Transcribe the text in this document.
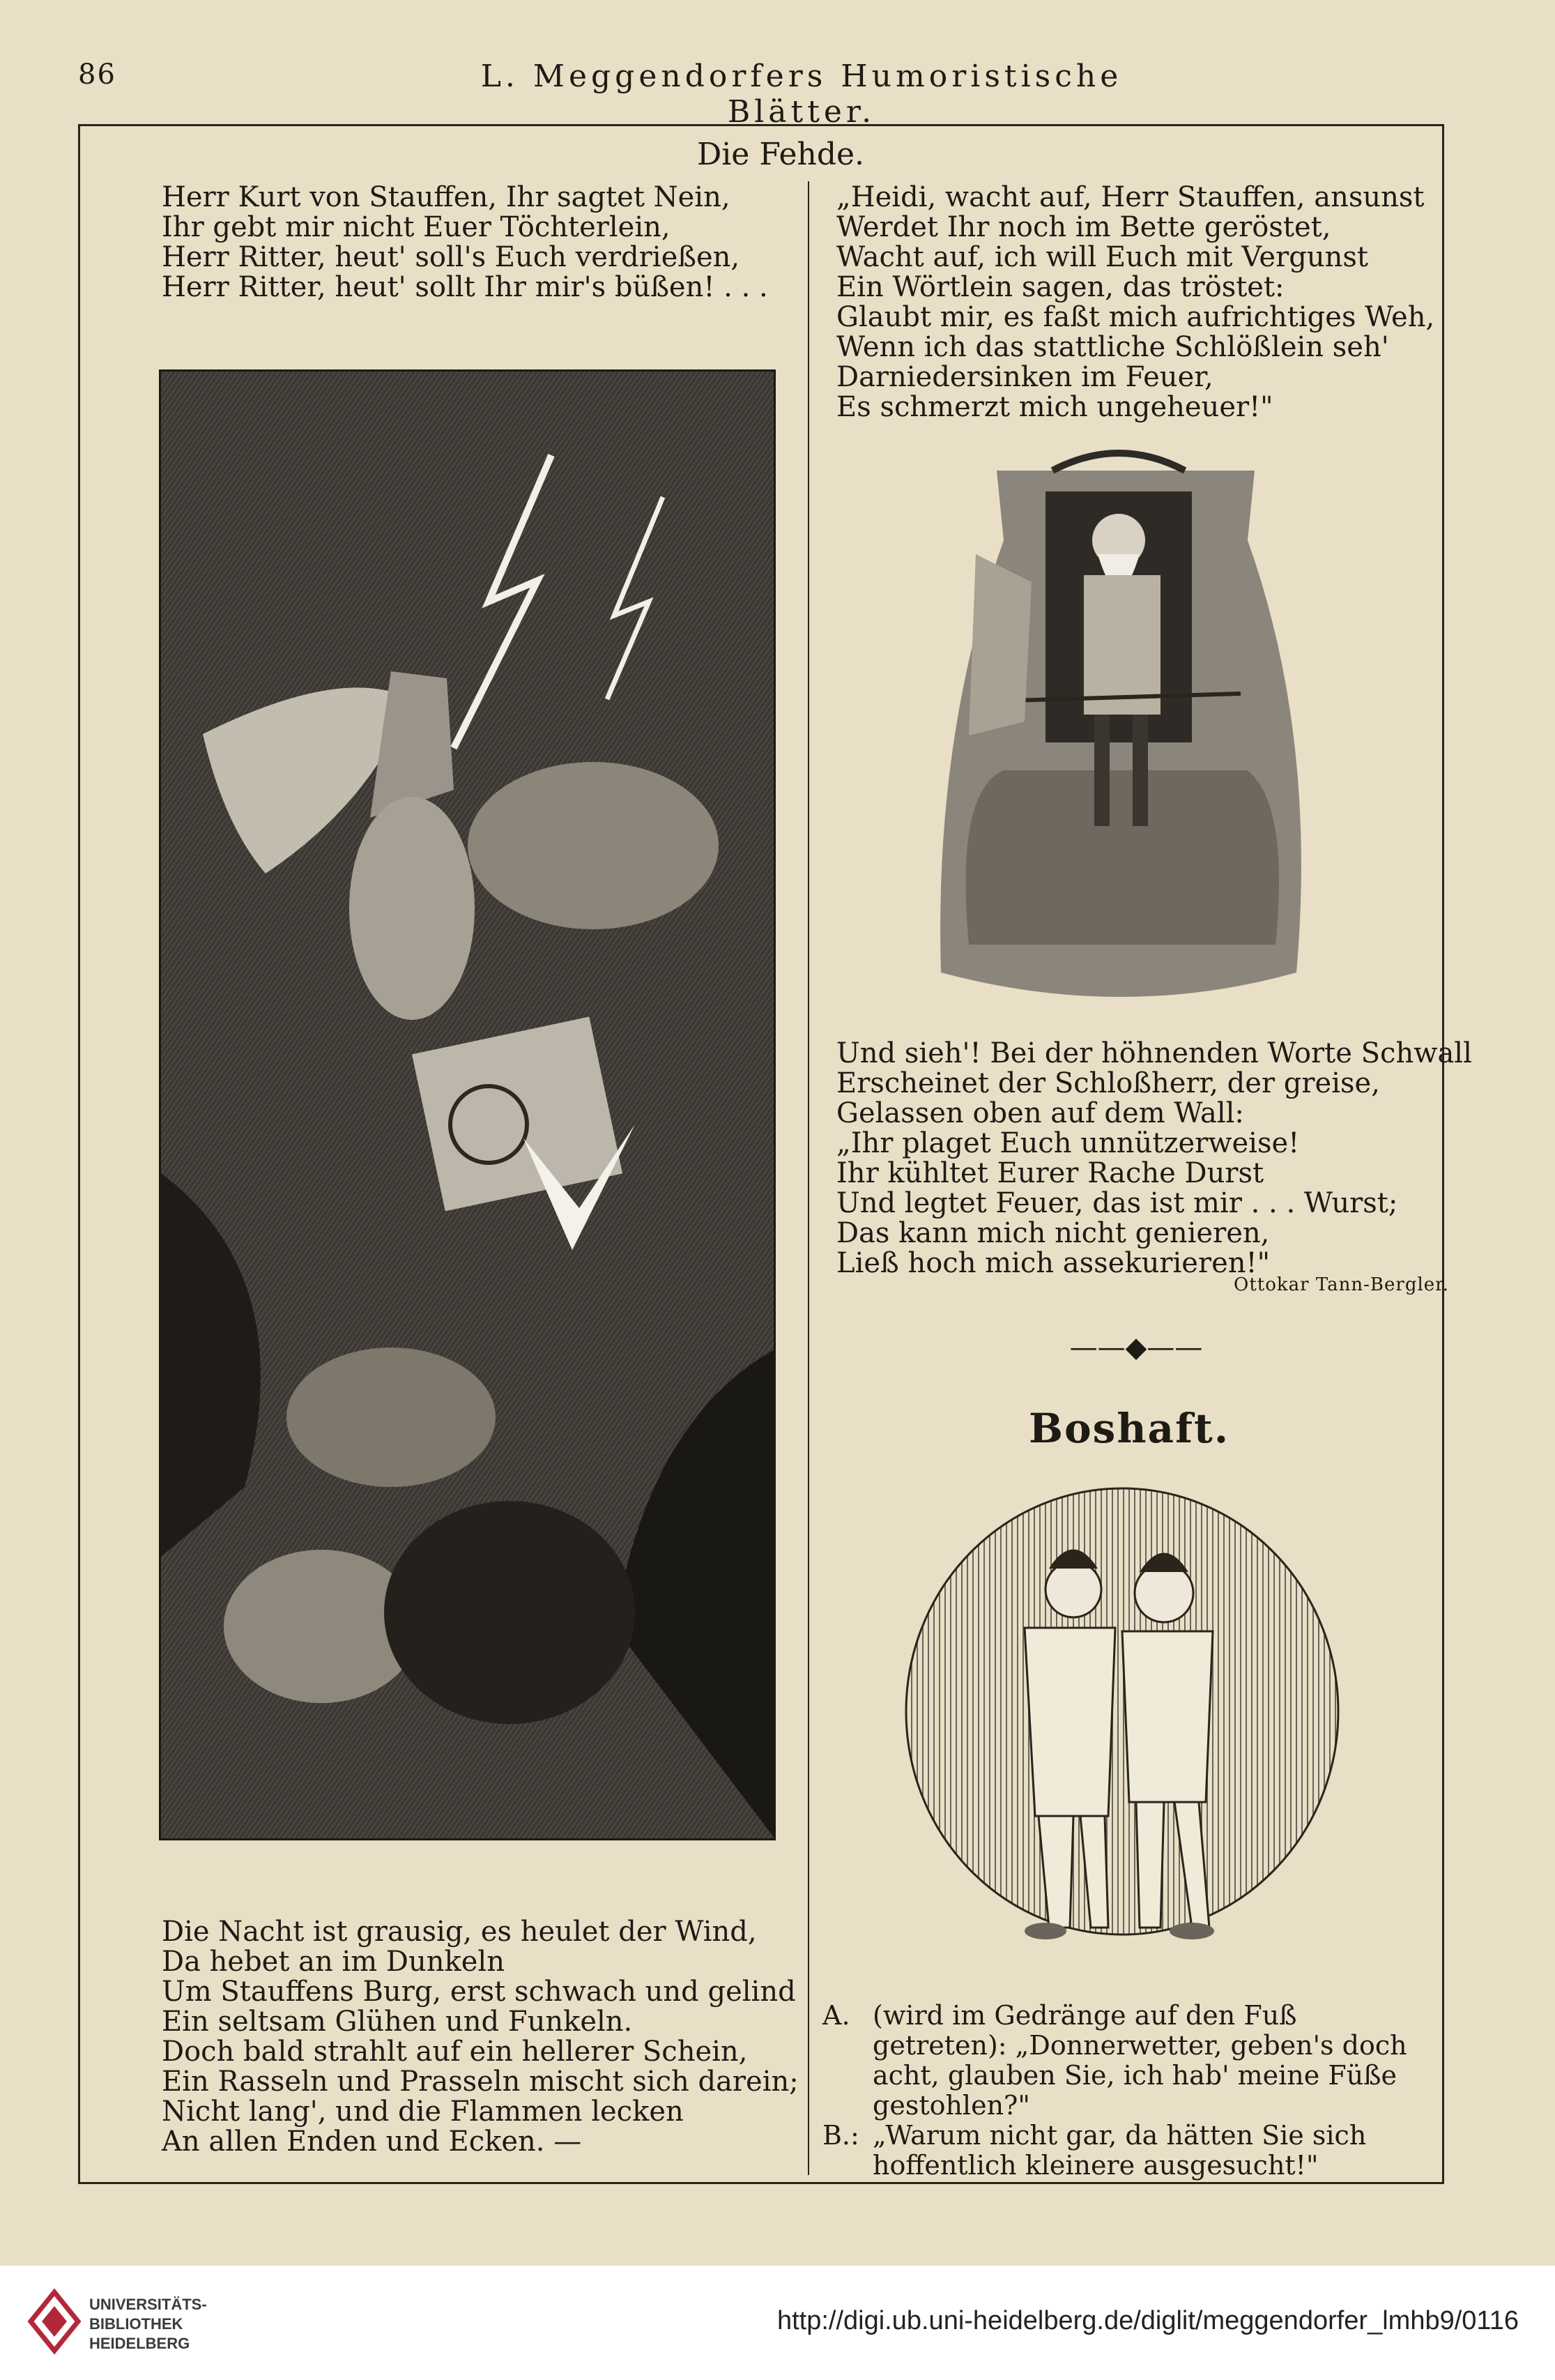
86	L. Meggendorfers Humoristische Blätter.
Die Fehde.
Herr Kurt von Stauffen, Ihr sagtet Nein,
Ihr gebt mir nicht Euer Töchterlein,
Herr Ritter, heut' soll's Euch verdrießen,
Herr Ritter, heut' sollt Ihr mir's büßen! . . .
„Heidi, wacht auf, Herr Stauffen, ansunst
Werdet Ihr noch im Bette geröstet,
Wacht auf, ich will Euch mit Vergunst
Ein Wörtlein sagen, das tröstet:
Glaubt mir, es faßt mich aufrichtiges Weh,
Wenn ich das stattliche Schlößlein seh'
Darniedersinken im Feuer,
Es schmerzt mich ungeheuer!"
Und sieh'! Bei der höhnenden Worte Schwall
Erscheinet der Schloßherr, der greise,
Gelassen oben auf dem Wall:
„Ihr plaget Euch unnützerweise!
Ihr kühltet Eurer Rache Durst
Und legtet Feuer, das ist mir . . . Wurst;
Das kann mich nicht genieren,
Ließ hoch mich assekurieren!"
Ottokar Tann-Bergler.
——◆——
Boshaft.
A. (wird im Gedränge auf den Fuß getreten): „Donnerwetter, geben's doch acht, glauben Sie, ich hab' meine Füße gestohlen?"
B.: „Warum nicht gar, da hätten Sie sich hoffentlich kleinere ausgesucht!"
Die Nacht ist grausig, es heulet der Wind,
Da hebet an im Dunkeln
Um Stauffens Burg, erst schwach und gelind
Ein seltsam Glühen und Funkeln.
Doch bald strahlt auf ein hellerer Schein,
Ein Rasseln und Prasseln mischt sich darein;
Nicht lang', und die Flammen lecken
An allen Enden und Ecken. —
UNIVERSITÄTS-
BIBLIOTHEK
HEIDELBERG
http://digi.ub.uni-heidelberg.de/diglit/meggendorfer_lmhb9/0116
